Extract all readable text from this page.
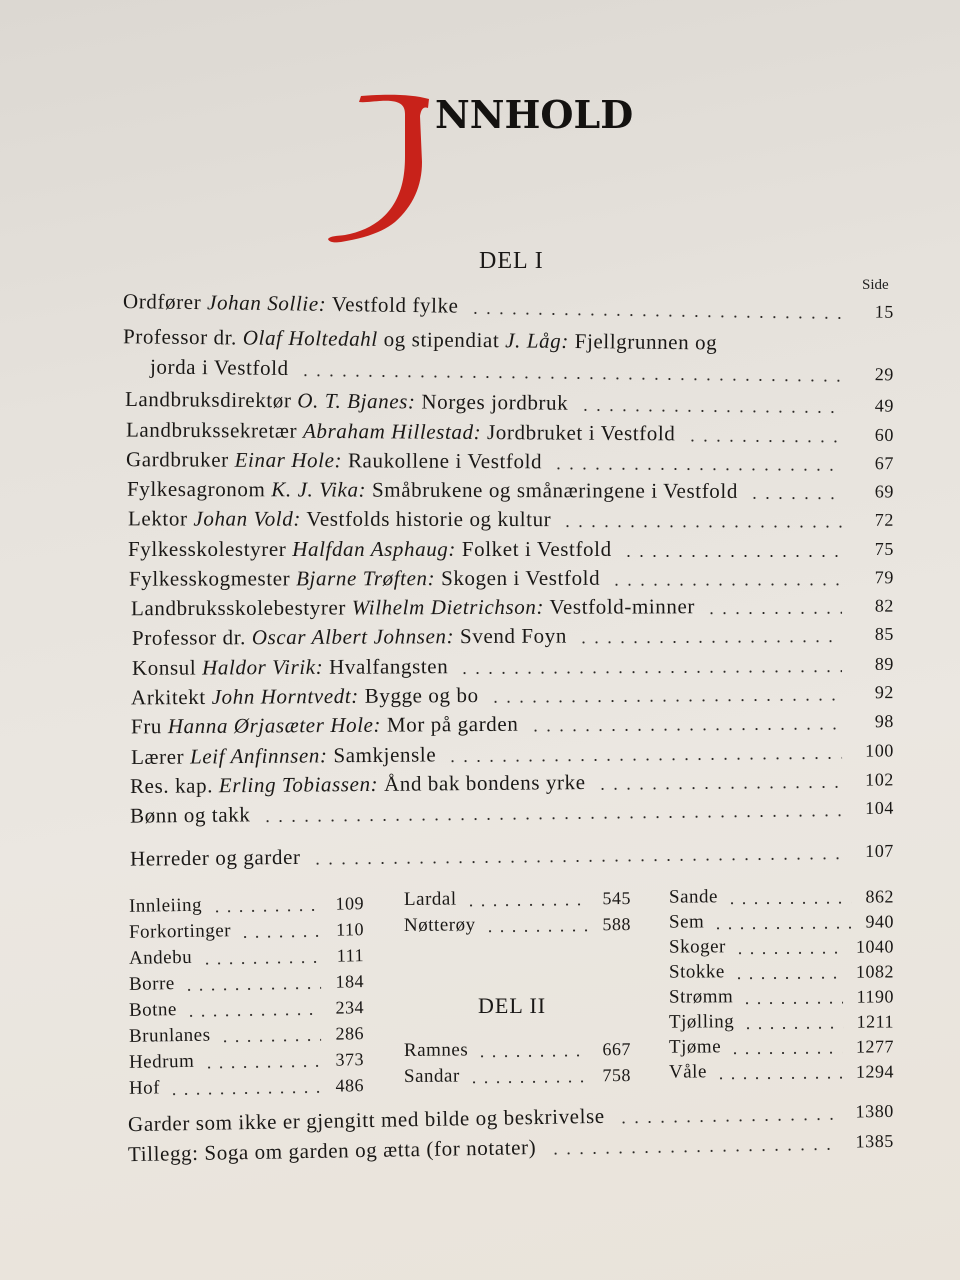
J
NNHOLD
DEL I
Side
Ordfører Johan Sollie: Vestfold fylke	15
Professor dr. Olaf Holtedahl og stipendiat J. Låg: Fjellgrunnen og
jorda i Vestfold	29
Landbruksdirektør O. T. Bjanes: Norges jordbruk	49
Landbrukssekretær Abraham Hillestad: Jordbruket i Vestfold	60
Gardbruker Einar Hole: Raukollene i Vestfold	67
Fylkesagronom K. J. Vika: Småbrukene og smånæringene i Vestfold	69
Lektor Johan Vold: Vestfolds historie og kultur	72
Fylkesskolestyrer Halfdan Asphaug: Folket i Vestfold	75
Fylkesskogmester Bjarne Trøften: Skogen i Vestfold	79
Landbruksskolebestyrer Wilhelm Dietrichson: Vestfold-minner	82
Professor dr. Oscar Albert Johnsen: Svend Foyn	85
Konsul Haldor Virik: Hvalfangsten	89
Arkitekt John Horntvedt: Bygge og bo	92
Fru Hanna Ørjasæter Hole: Mor på garden	98
Lærer Leif Anfinnsen: Samkjensle	100
Res. kap. Erling Tobiassen: Ånd bak bondens yrke	102
Bønn og takk	104
Herreder og garder	107
Innleiing	109
Forkortinger	110
Andebu	111
Borre	184
Botne	234
Brunlanes	286
Hedrum	373
Hof	486
Lardal	545
Nøtterøy	588
Ramnes	667
Sandar	758
Sande	862
Sem	940
Skoger	1040
Stokke	1082
Strømm	1190
Tjølling	1211
Tjøme	1277
Våle	1294
DEL II
Garder som ikke er gjengitt med bilde og beskrivelse	1380
Tillegg: Soga om garden og ætta (for notater)	1385
